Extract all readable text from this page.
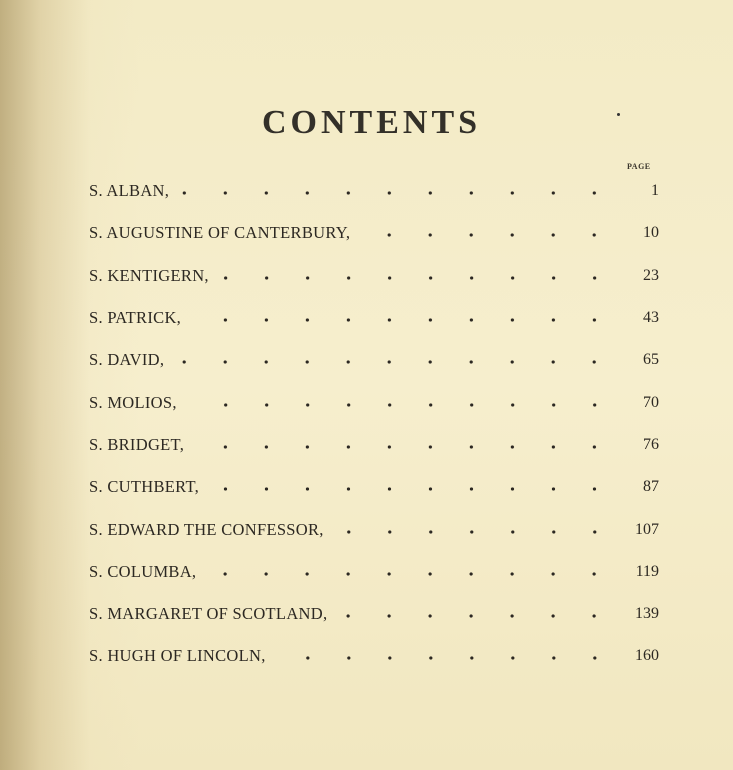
CONTENTS
PAGE
S. ALBAN,	1
S. AUGUSTINE OF CANTERBURY,	10
S. KENTIGERN,	23
S. PATRICK,	43
S. DAVID,	65
S. MOLIOS,	70
S. BRIDGET,	76
S. CUTHBERT,	87
S. EDWARD THE CONFESSOR,	107
S. COLUMBA,	119
S. MARGARET OF SCOTLAND,	139
S. HUGH OF LINCOLN,	160
